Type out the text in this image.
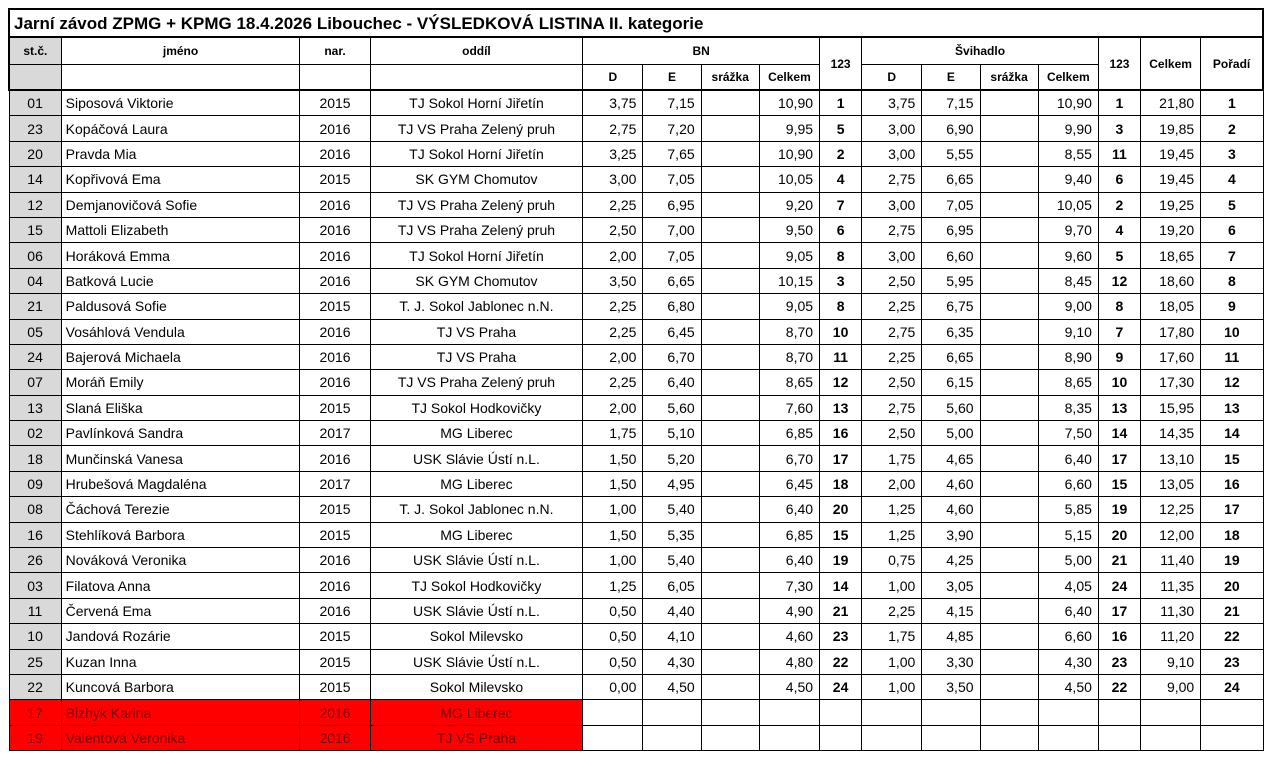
Jarní závod ZPMG + KPMG 18.4.2026 Libouchec - VÝSLEDKOVÁ LISTINA II. kategorie
st.č.	jméno	nar.	oddíl	BN				123	Švihadlo				123	Celkem	Pořadí
				D	E	srážka	Celkem		D	E	srážka	Celkem			
01	Siposová Viktorie	2015	TJ Sokol Horní Jiřetín	3,75	7,15		10,90	1	3,75	7,15		10,90	1	21,80	1
23	Kopáčová Laura	2016	TJ VS Praha Zelený pruh	2,75	7,20		9,95	5	3,00	6,90		9,90	3	19,85	2
20	Pravda Mia	2016	TJ Sokol Horní Jiřetín	3,25	7,65		10,90	2	3,00	5,55		8,55	11	19,45	3
14	Kopřivová Ema	2015	SK GYM Chomutov	3,00	7,05		10,05	4	2,75	6,65		9,40	6	19,45	4
12	Demjanovičová Sofie	2016	TJ VS Praha Zelený pruh	2,25	6,95		9,20	7	3,00	7,05		10,05	2	19,25	5
15	Mattoli Elizabeth	2016	TJ VS Praha Zelený pruh	2,50	7,00		9,50	6	2,75	6,95		9,70	4	19,20	6
06	Horáková Emma	2016	TJ Sokol Horní Jiřetín	2,00	7,05		9,05	8	3,00	6,60		9,60	5	18,65	7
04	Batková Lucie	2016	SK GYM Chomutov	3,50	6,65		10,15	3	2,50	5,95		8,45	12	18,60	8
21	Paldusová Sofie	2015	T. J. Sokol Jablonec n.N.	2,25	6,80		9,05	8	2,25	6,75		9,00	8	18,05	9
05	Vosáhlová Vendula	2016	TJ VS Praha	2,25	6,45		8,70	10	2,75	6,35		9,10	7	17,80	10
24	Bajerová Michaela	2016	TJ VS Praha	2,00	6,70		8,70	11	2,25	6,65		8,90	9	17,60	11
07	Moráň Emily	2016	TJ VS Praha Zelený pruh	2,25	6,40		8,65	12	2,50	6,15		8,65	10	17,30	12
13	Slaná Eliška	2015	TJ Sokol Hodkovičky	2,00	5,60		7,60	13	2,75	5,60		8,35	13	15,95	13
02	Pavlínková Sandra	2017	MG Liberec	1,75	5,10		6,85	16	2,50	5,00		7,50	14	14,35	14
18	Munčinská Vanesa	2016	USK Slávie Ústí n.L.	1,50	5,20		6,70	17	1,75	4,65		6,40	17	13,10	15
09	Hrubešová Magdaléna	2017	MG Liberec	1,50	4,95		6,45	18	2,00	4,60		6,60	15	13,05	16
08	Čáchová Terezie	2015	T. J. Sokol Jablonec n.N.	1,00	5,40		6,40	20	1,25	4,60		5,85	19	12,25	17
16	Stehlíková Barbora	2015	MG Liberec	1,50	5,35		6,85	15	1,25	3,90		5,15	20	12,00	18
26	Nováková Veronika	2016	USK Slávie Ústí n.L.	1,00	5,40		6,40	19	0,75	4,25		5,00	21	11,40	19
03	Filatova Anna	2016	TJ Sokol Hodkovičky	1,25	6,05		7,30	14	1,00	3,05		4,05	24	11,35	20
11	Červená Ema	2016	USK Slávie Ústí n.L.	0,50	4,40		4,90	21	2,25	4,15		6,40	17	11,30	21
10	Jandová Rozárie	2015	Sokol Milevsko	0,50	4,10		4,60	23	1,75	4,85		6,60	16	11,20	22
25	Kuzan Inna	2015	USK Slávie Ústí n.L.	0,50	4,30		4,80	22	1,00	3,30		4,30	23	9,10	23
22	Kuncová Barbora	2015	Sokol Milevsko	0,00	4,50		4,50	24	1,00	3,50		4,50	22	9,00	24
17	Bizhyk Karina	2016	MG Liberec												
19	Valentová Veronika	2016	TJ VS Praha												
